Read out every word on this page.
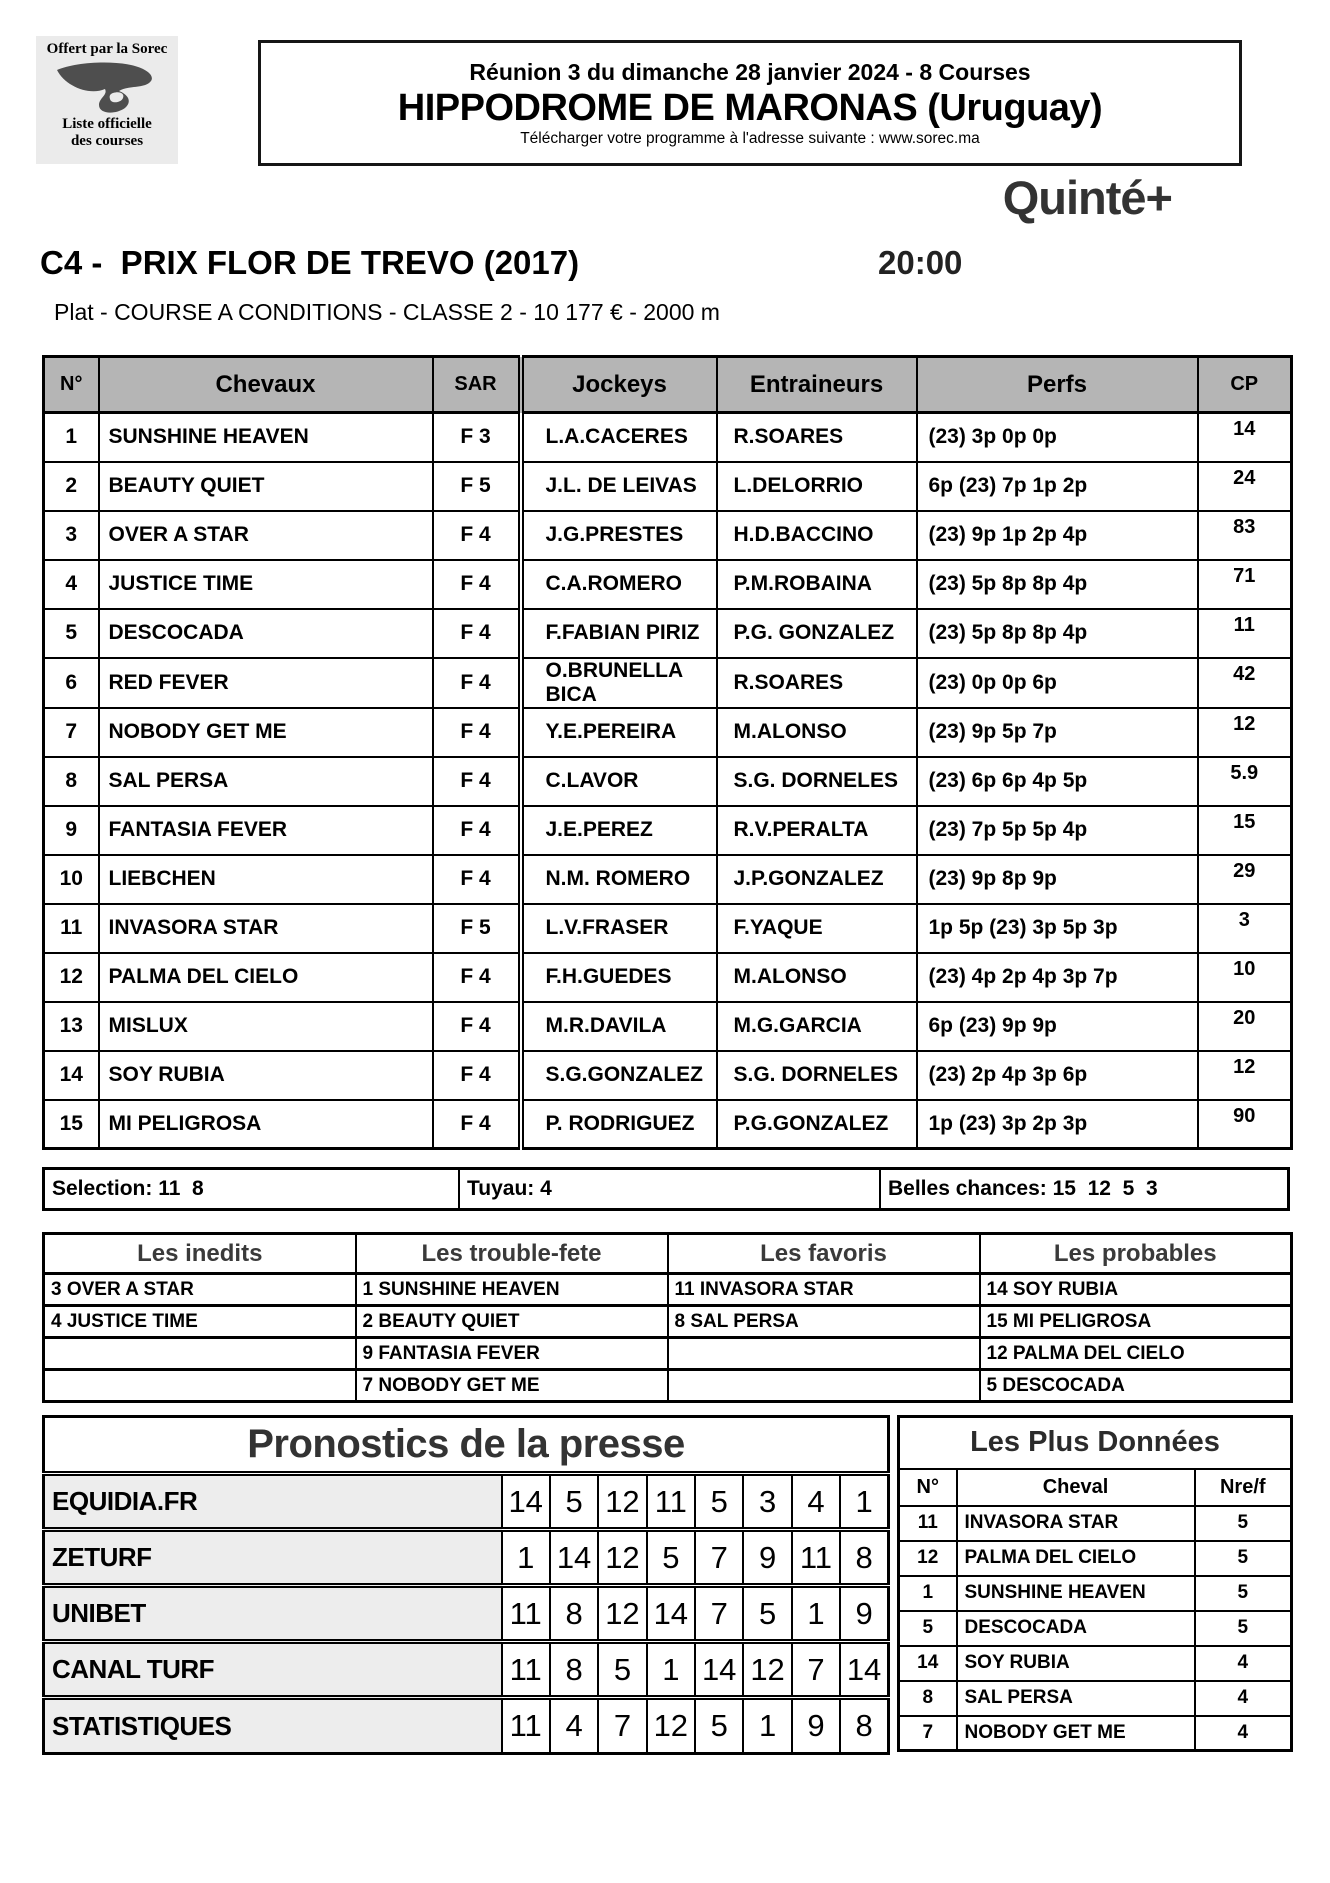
Offert par la Sorec
Liste officielle
des courses
Réunion 3 du dimanche 28 janvier 2024 - 8 Courses
HIPPODROME DE MARONAS (Uruguay)
Télécharger votre programme à l'adresse suivante : www.sorec.ma
Quinté+
C4 -  PRIX FLOR DE TREVO (2017)	20:00
Plat - COURSE A CONDITIONS - CLASSE 2 - 10 177 € - 2000 m
N°	Chevaux	SAR	Jockeys	Entraineurs	Perfs	CP
1	SUNSHINE HEAVEN	F 3	L.A.CACERES	R.SOARES	(23) 3p 0p 0p	14
2	BEAUTY QUIET	F 5	J.L. DE LEIVAS	L.DELORRIO	6p (23) 7p 1p 2p	24
3	OVER A STAR	F 4	J.G.PRESTES	H.D.BACCINO	(23) 9p 1p 2p 4p	83
4	JUSTICE TIME	F 4	C.A.ROMERO	P.M.ROBAINA	(23) 5p 8p 8p 4p	71
5	DESCOCADA	F 4	F.FABIAN PIRIZ	P.G. GONZALEZ	(23) 5p 8p 8p 4p	11
6	RED FEVER	F 4	O.BRUNELLA BICA	R.SOARES	(23) 0p 0p 6p	42
7	NOBODY GET ME	F 4	Y.E.PEREIRA	M.ALONSO	(23) 9p 5p 7p	12
8	SAL PERSA	F 4	C.LAVOR	S.G. DORNELES	(23) 6p 6p 4p 5p	5.9
9	FANTASIA FEVER	F 4	J.E.PEREZ	R.V.PERALTA	(23) 7p 5p 5p 4p	15
10	LIEBCHEN	F 4	N.M. ROMERO	J.P.GONZALEZ	(23) 9p 8p 9p	29
11	INVASORA STAR	F 5	L.V.FRASER	F.YAQUE	1p 5p (23) 3p 5p 3p	3
12	PALMA DEL CIELO	F 4	F.H.GUEDES	M.ALONSO	(23) 4p 2p 4p 3p 7p	10
13	MISLUX	F 4	M.R.DAVILA	M.G.GARCIA	6p (23) 9p 9p	20
14	SOY RUBIA	F 4	S.G.GONZALEZ	S.G. DORNELES	(23) 2p 4p 3p 6p	12
15	MI PELIGROSA	F 4	P. RODRIGUEZ	P.G.GONZALEZ	1p (23) 3p 2p 3p	90
Selection: 11  8	Tuyau: 4	Belles chances: 15  12  5  3
Les inedits	Les trouble-fete	Les favoris	Les probables
3 OVER A STAR	1 SUNSHINE HEAVEN	11 INVASORA STAR	14 SOY RUBIA
4 JUSTICE TIME	2 BEAUTY QUIET	8 SAL PERSA	15 MI PELIGROSA
	9 FANTASIA FEVER		12 PALMA DEL CIELO
	7 NOBODY GET ME		5 DESCOCADA
Pronostics de la presse								
EQUIDIA.FR	14	5	12	11	5	3	4	1
ZETURF	1	14	12	5	7	9	11	8
UNIBET	11	8	12	14	7	5	1	9
CANAL TURF	11	8	5	1	14	12	7	14
STATISTIQUES	11	4	7	12	5	1	9	8
Les Plus Données		
N°	Cheval	Nre/f
11	INVASORA STAR	5
12	PALMA DEL CIELO	5
1	SUNSHINE HEAVEN	5
5	DESCOCADA	5
14	SOY RUBIA	4
8	SAL PERSA	4
7	NOBODY GET ME	4
